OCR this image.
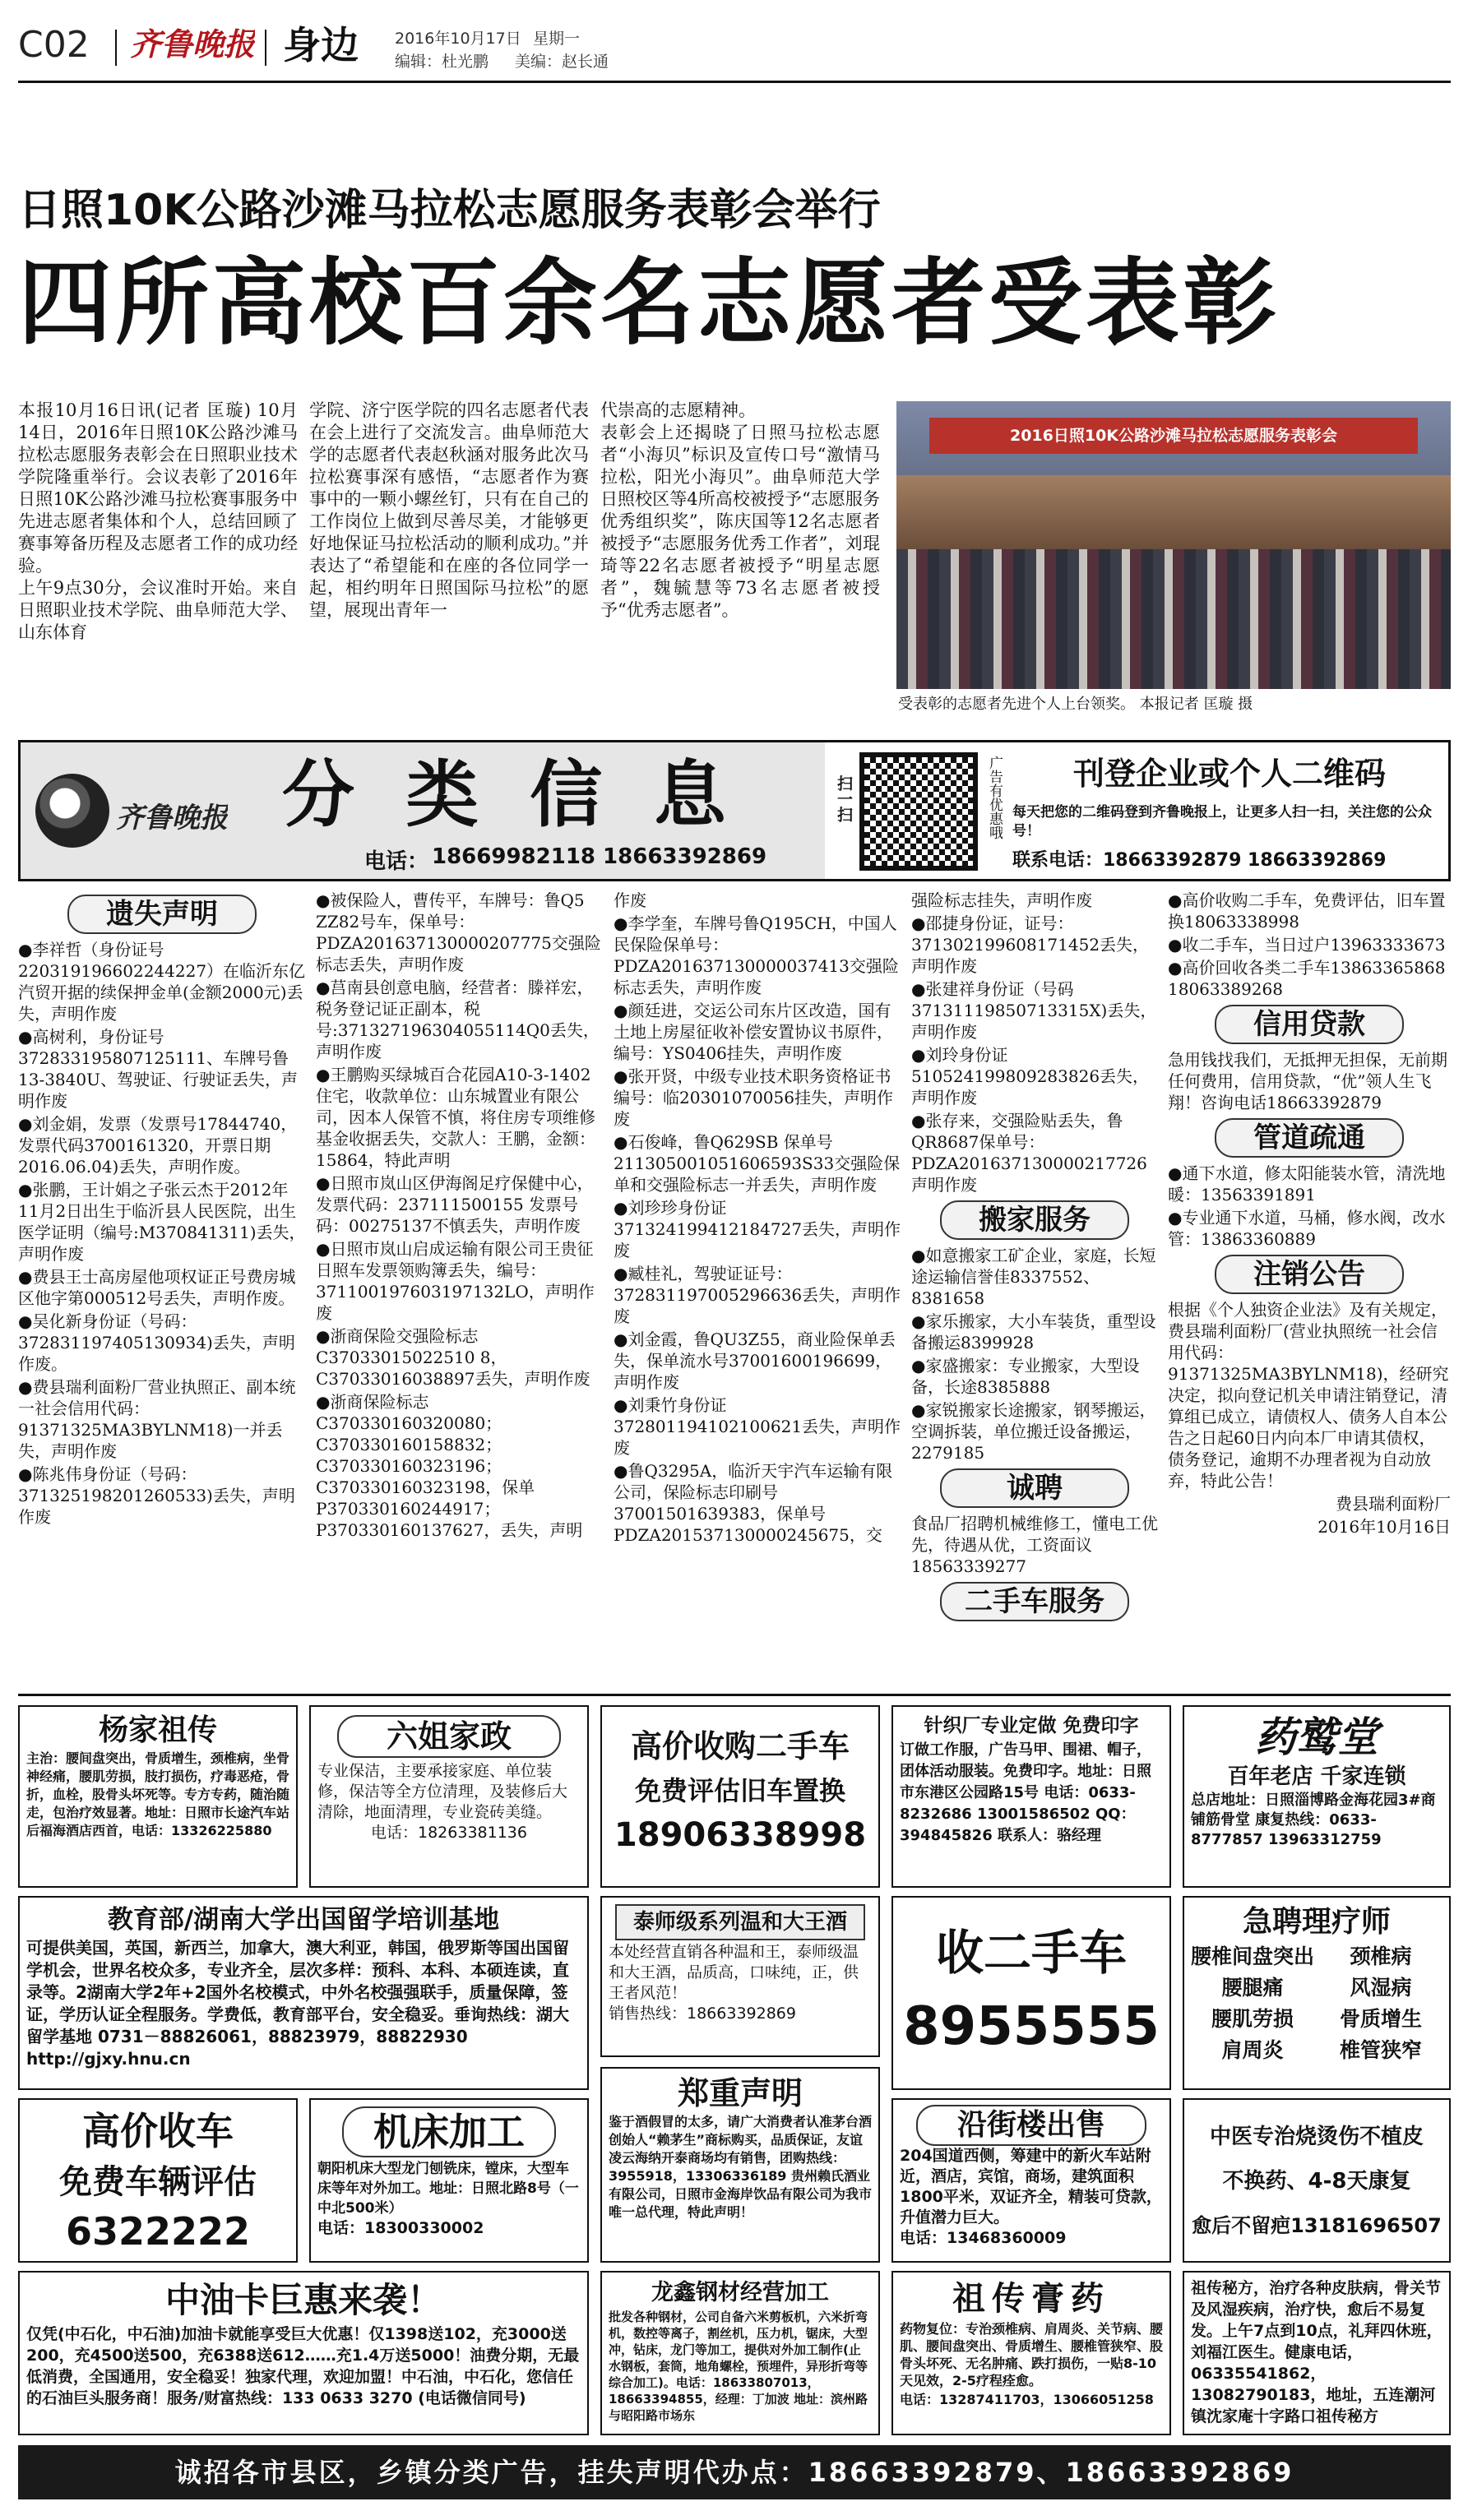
C02 齐鲁晚报 身边 2016年10月17日 星期一
编辑：杜光鹏 美编：赵长通
日照10K公路沙滩马拉松志愿服务表彰会举行
四所高校百余名志愿者受表彰
本报10月16日讯(记者 匡璇) 10月14日，2016年日照10K公路沙滩马拉松志愿服务表彰会在日照职业技术学院隆重举行。会议表彰了2016年日照10K公路沙滩马拉松赛事服务中先进志愿者集体和个人，总结回顾了赛事筹备历程及志愿者工作的成功经验。
上午9点30分，会议准时开始。来自日照职业技术学院、曲阜师范大学、山东体育
学院、济宁医学院的四名志愿者代表在会上进行了交流发言。曲阜师范大学的志愿者代表赵秋涵对服务此次马拉松赛事深有感悟，“志愿者作为赛事中的一颗小螺丝钉，只有在自己的工作岗位上做到尽善尽美，才能够更好地保证马拉松活动的顺利成功。”并表达了“希望能和在座的各位同学一起，相约明年日照国际马拉松”的愿望，展现出青年一
代崇高的志愿精神。
表彰会上还揭晓了日照马拉松志愿者“小海贝”标识及宣传口号“激情马拉松，阳光小海贝”。曲阜师范大学日照校区等4所高校被授予“志愿服务优秀组织奖”，陈庆国等12名志愿者被授予“志愿服务优秀工作者”，刘琨琦等22名志愿者被授予“明星志愿者”，魏毓慧等73名志愿者被授予“优秀志愿者”。
2016日照10K公路沙滩马拉松志愿服务表彰会
受表彰的志愿者先进个人上台领奖。 本报记者 匡璇 摄
齐鲁晚报 分 类 信 息
电话： 18669982118 18663392869
扫一扫	广告有优惠哦	刊登企业或个人二维码
每天把您的二维码登到齐鲁晚报上，让更多人扫一扫，关注您的公众号！
联系电话：18663392879 18663392869
遗失声明

●李祥哲（身份证号220319196602244227）在临沂东亿汽贸开据的续保押金单(金额2000元)丢失，声明作废

●高树利，身份证号372833195807125111、车牌号鲁13-3840U、驾驶证、行驶证丢失，声明作废

●刘金娟，发票（发票号17844740，发票代码3700161320，开票日期2016.06.04)丢失，声明作废。

●张鹏，王计娟之子张云杰于2012年11月2日出生于临沂县人民医院，出生医学证明（编号:M370841311)丢失，声明作废

●费县王士高房屋他项权证正号费房城区他字第000512号丢失，声明作废。

●吴化新身份证（号码：372831197405130934)丢失，声明作废。

●费县瑞利面粉厂营业执照正、副本统一社会信用代码：91371325MA3BYLNM18)一并丢失，声明作废

●陈兆伟身份证（号码：371325198201260533)丢失，声明作废

●被保险人，曹传平，车牌号：鲁Q5 ZZ82号车，保单号：PDZA201637130000207775交强险标志丢失，声明作废

●莒南县创意电脑，经营者：滕祥宏，税务登记证正副本，税号:371327196304055114Q0丢失，声明作废

●王鹏购买绿城百合花园A10-3-1402住宅，收款单位：山东城置业有限公司，因本人保管不慎，将住房专项维修基金收据丢失，交款人：王鹏，金额：15864，特此声明

●日照市岚山区伊海阁足疗保健中心，发票代码：237111500155 发票号码：00275137不慎丢失，声明作废

●日照市岚山启成运输有限公司王贵征日照车发票领购簿丢失，编号：371100197603197132LO，声明作废

●浙商保险交强险标志C37033015022510 8，C37033016038897丢失，声明作废

●浙商保险标志C370330160320080；C370330160158832；C370330160323196；C370330160323198，保单P370330160244917；P370330160137627，丢失，声明

作废

●李学奎，车牌号鲁Q195CH，中国人民保险保单号：PDZA201637130000037413交强险标志丢失，声明作废

●颜廷进，交运公司东片区改造，国有土地上房屋征收补偿安置协议书原件，编号：YS0406挂失，声明作废

●张开贤，中级专业技术职务资格证书编号：临20301070056挂失，声明作废

●石俊峰，鲁Q629SB 保单号211305001051606593S33交强险保单和交强险标志一并丢失，声明作废

●刘珍珍身份证371324199412184727丢失，声明作废

●臧桂礼，驾驶证证号：372831197005296636丢失，声明作废

●刘金霞，鲁QU3Z55，商业险保单丢失，保单流水号37001600196699，声明作废

●刘秉竹身份证372801194102100621丢失，声明作废

●鲁Q3295A，临沂天宇汽车运输有限公司，保险标志印刷号37001501639383，保单号PDZA201537130000245675，交

强险标志挂失，声明作废

●邵捷身份证，证号：371302199608171452丢失，声明作废

●张建祥身份证（号码37131119850713315X)丢失，声明作废

●刘玲身份证510524199809283826丢失，声明作废

●张存来，交强险贴丢失，鲁QR8687保单号：PDZA201637130000217726声明作废

搬家服务

●如意搬家工矿企业，家庭，长短途运输信誉佳8337552、8381658

●家乐搬家，大小车装货，重型设备搬运8399928

●家盛搬家：专业搬家，大型设备，长途8385888

●家锐搬家长途搬家，钢琴搬运，空调拆装，单位搬迁设备搬运，2279185

诚聘

食品厂招聘机械维修工，懂电工优先，待遇从优，工资面议18563339277

二手车服务

●高价收购二手车，免费评估，旧车置换18063338998

●收二手车，当日过户13963333673

●高价回收各类二手车13863365868 18063389268

信用贷款

急用钱找我们，无抵押无担保，无前期任何费用，信用贷款，“优”领人生飞翔！咨询电话18663392879

管道疏通

●通下水道，修太阳能装水管，清洗地暖：13563391891

●专业通下水道，马桶，修水阀，改水管：13863360889

注销公告

根据《个人独资企业法》及有关规定，费县瑞利面粉厂(营业执照统一社会信用代码：91371325MA3BYLNM18)，经研究决定，拟向登记机关申请注销登记，清算组已成立，请债权人、债务人自本公告之日起60日内向本厂申请其债权，债务登记，逾期不办理者视为自动放弃，特此公告！

费县瑞利面粉厂

2016年10月16日

杨家祖传
主治：腰间盘突出，骨质增生，颈椎病，坐骨神经痛，腰肌劳损，肢打损伤，疗毒恶疮，骨折，血栓，股骨头坏死等。专方专药，随治随走，包治疗效显著。地址：日照市长途汽车站后福海酒店西首，电话：13326225880
六姐家政
专业保洁，主要承接家庭、单位装修，保洁等全方位清理，及装修后大清除，地面清理，专业瓷砖美缝。
电话：18263381136
高价收购二手车
免费评估旧车置换
18906338998
针织厂专业定做 免费印字
订做工作服，广告马甲、围裙、帽子，团体活动服装。免费印字。地址：日照市东港区公园路15号 电话：0633-8232686 13001586502 QQ：394845826 联系人：骆经理
药鹫堂
百年老店 千家连锁
总店地址：日照淄博路金海花园3#商铺筋骨堂 康复热线：0633-8777857 13963312759
教育部/湖南大学出国留学培训基地
可提供美国，英国，新西兰，加拿大，澳大利亚，韩国，俄罗斯等国出国留学机会，世界名校众多，专业齐全，层次多样：预科、本科、本硕连读，直录等。2湖南大学2年+2国外名校模式，中外名校强强联手，质量保障，签证，学历认证全程服务。学费低，教育部平台，安全稳妥。垂询热线：湖大留学基地 0731－88826061，88823979，88822930 http://gjxy.hnu.cn
泰师级系列温和大王酒
本处经营直销各种温和王，泰师级温和大王酒，品质高，口味纯，正，供王者风范！
销售热线：18663392869
收二手车
8955555
急聘理疗师
腰椎间盘突出	颈椎病
腰腿痛	风湿病
腰肌劳损	骨质增生
肩周炎	椎管狭窄
高价收车
免费车辆评估
6322222
机床加工
朝阳机床大型龙门刨铣床，镗床，大型车床等年对外加工。地址：日照北路8号（一中北500米）
电话：18300330002
郑重声明
鉴于酒假冒的太多，请广大消费者认准茅台酒创始人“赖茅生”商标购买，品质保证，友谊凌云海纳开泰商场均有销售，团购热线：3955918，13306336189 贵州赖氏酒业有限公司，日照市金海岸饮品有限公司为我市唯一总代理，特此声明！
沿街楼出售
204国道西侧，筹建中的新火车站附近，酒店，宾馆，商场，建筑面积1800平米，双证齐全，精装可贷款，升值潜力巨大。
电话：13468360009
中医专治烧烫伤不植皮
不换药、4-8天康复
愈后不留疤13181696507
中油卡巨惠来袭！
仅凭(中石化，中石油)加油卡就能享受巨大优惠！仅1398送102，充3000送200，充4500送500，充6388送612……充1.4万送5000！油费分期，无最低消费，全国通用，安全稳妥！独家代理，欢迎加盟！中石油，中石化，您信任的石油巨头服务商！服务/财富热线：133 0633 3270 (电话微信同号)
龙鑫钢材经营加工
批发各种钢材，公司自备六米剪板机，六米折弯机，数控等离子，割丝机，压力机，锯床，大型冲，钻床，龙门等加工，提供对外加工制作(止水钢板，套筒，地角螺栓，预埋件，异形折弯等综合加工)。电话：18633807013，18663394855，经理：丁加波 地址：滨州路与昭阳路市场东
祖传膏药
药物复位：专治颈椎病、肩周炎、关节病、腰肌、腰间盘突出、骨质增生、腰椎管狭窄、股骨头坏死、无名肿痛、跌打损伤，一贴8-10天见效，2-5疗程痊愈。
电话：13287411703，13066051258
祖传秘方，治疗各种皮肤病，骨关节及风湿疾病，治疗快，愈后不易复发。上午7点到10点，礼拜四休班，刘福江医生。健康电话，06335541862，13082790183，地址，五连潮河镇沈家庵十字路口祖传秘方
诚招各市县区，乡镇分类广告，挂失声明代办点：18663392879、18663392869
